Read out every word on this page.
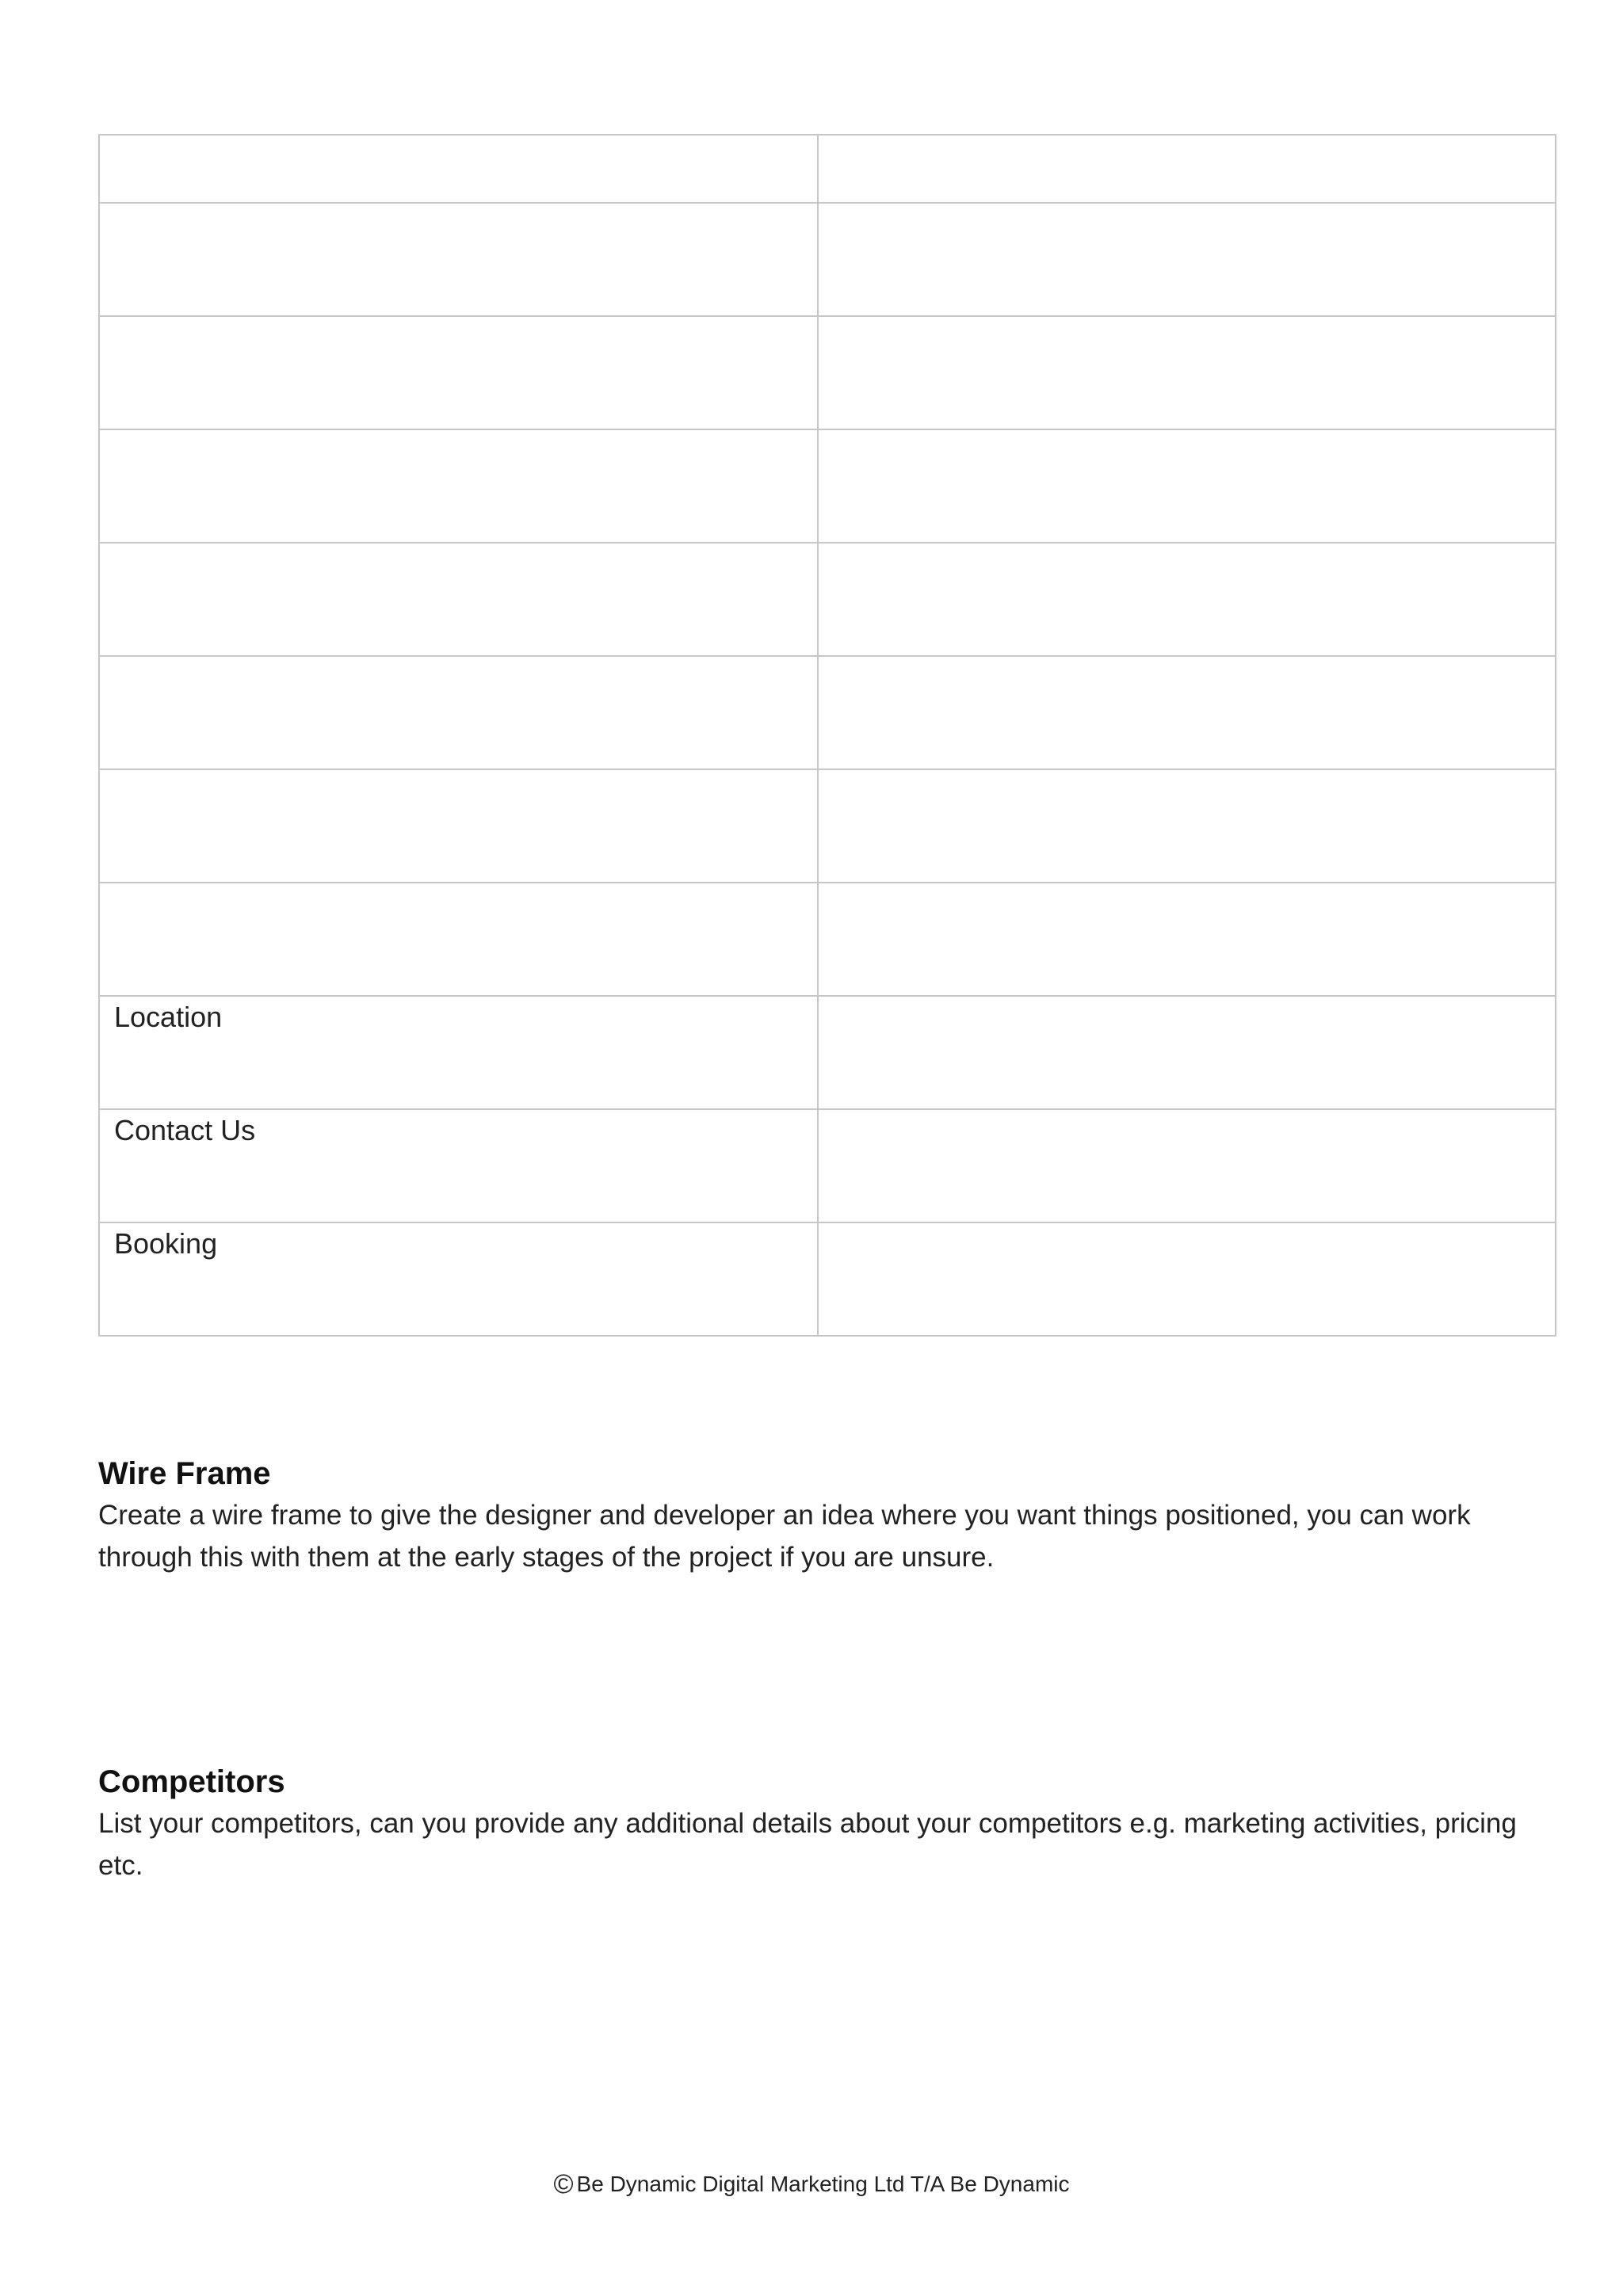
Location	

Contact Us	

Booking	

Wire Frame

Create a wire frame to give the designer and developer an idea where you want things positioned, you can work through this with them at the early stages of the project if you are unsure.

Competitors

List your competitors, can you provide any additional details about your competitors e.g. marketing activities, pricing etc.

© Be Dynamic Digital Marketing Ltd T/A Be Dynamic
